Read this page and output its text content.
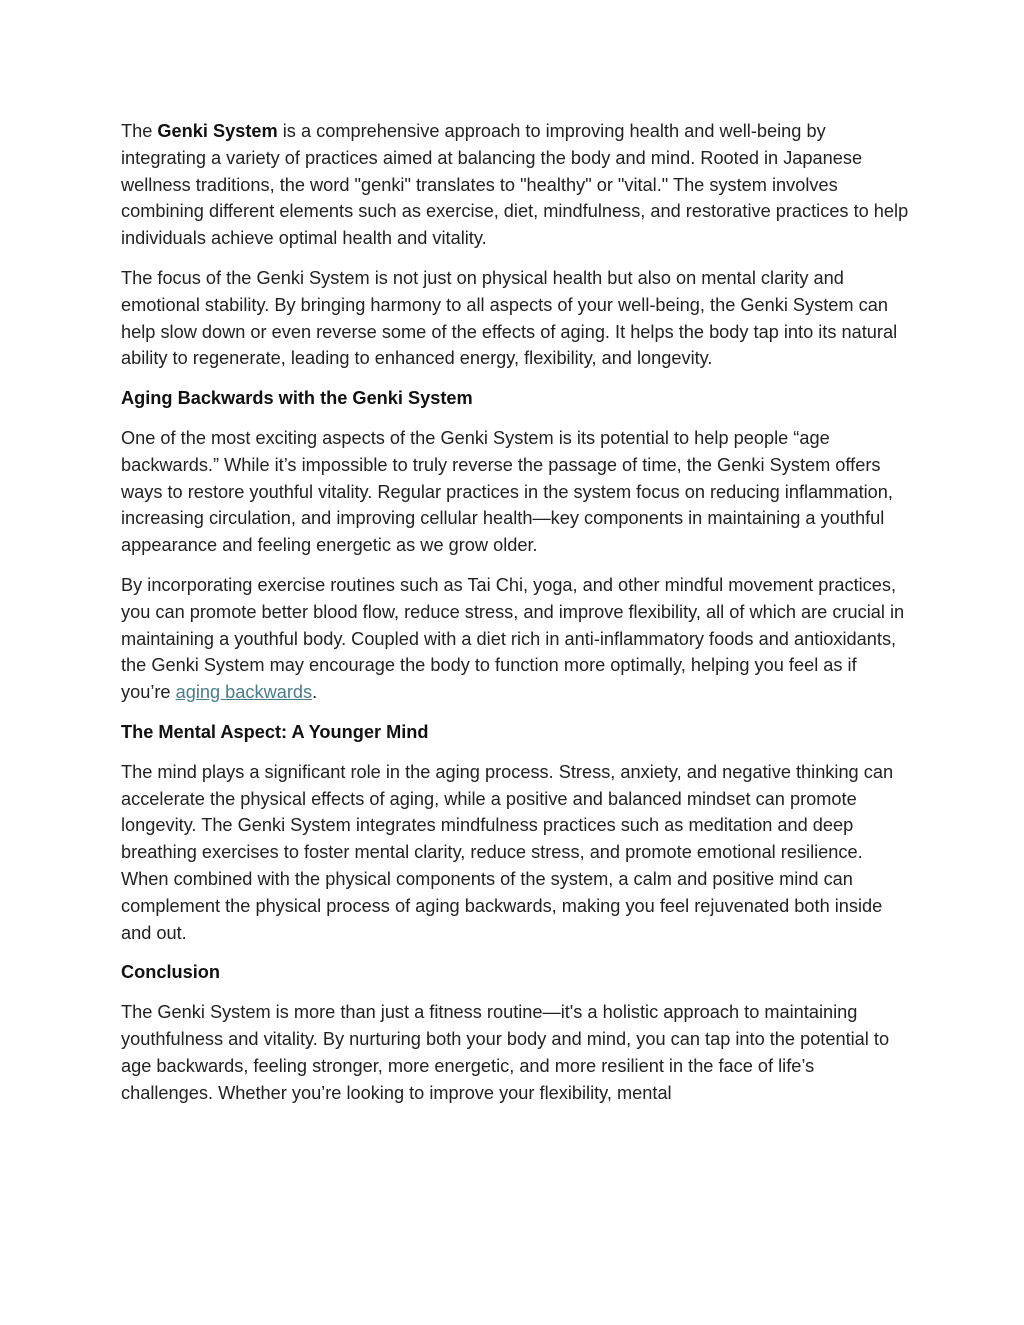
The Genki System is a comprehensive approach to improving health and well-being by integrating a variety of practices aimed at balancing the body and mind. Rooted in Japanese wellness traditions, the word "genki" translates to "healthy" or "vital." The system involves combining different elements such as exercise, diet, mindfulness, and restorative practices to help individuals achieve optimal health and vitality.

The focus of the Genki System is not just on physical health but also on mental clarity and emotional stability. By bringing harmony to all aspects of your well-being, the Genki System can help slow down or even reverse some of the effects of aging. It helps the body tap into its natural ability to regenerate, leading to enhanced energy, flexibility, and longevity.

Aging Backwards with the Genki System

One of the most exciting aspects of the Genki System is its potential to help people “age backwards.” While it’s impossible to truly reverse the passage of time, the Genki System offers ways to restore youthful vitality. Regular practices in the system focus on reducing inflammation, increasing circulation, and improving cellular health—key components in maintaining a youthful appearance and feeling energetic as we grow older.

By incorporating exercise routines such as Tai Chi, yoga, and other mindful movement practices, you can promote better blood flow, reduce stress, and improve flexibility, all of which are crucial in maintaining a youthful body. Coupled with a diet rich in anti-inflammatory foods and antioxidants, the Genki System may encourage the body to function more optimally, helping you feel as if you’re aging backwards.

The Mental Aspect: A Younger Mind

The mind plays a significant role in the aging process. Stress, anxiety, and negative thinking can accelerate the physical effects of aging, while a positive and balanced mindset can promote longevity. The Genki System integrates mindfulness practices such as meditation and deep breathing exercises to foster mental clarity, reduce stress, and promote emotional resilience. When combined with the physical components of the system, a calm and positive mind can complement the physical process of aging backwards, making you feel rejuvenated both inside and out.

Conclusion

The Genki System is more than just a fitness routine—it's a holistic approach to maintaining youthfulness and vitality. By nurturing both your body and mind, you can tap into the potential to age backwards, feeling stronger, more energetic, and more resilient in the face of life’s challenges. Whether you’re looking to improve your flexibility, mental
